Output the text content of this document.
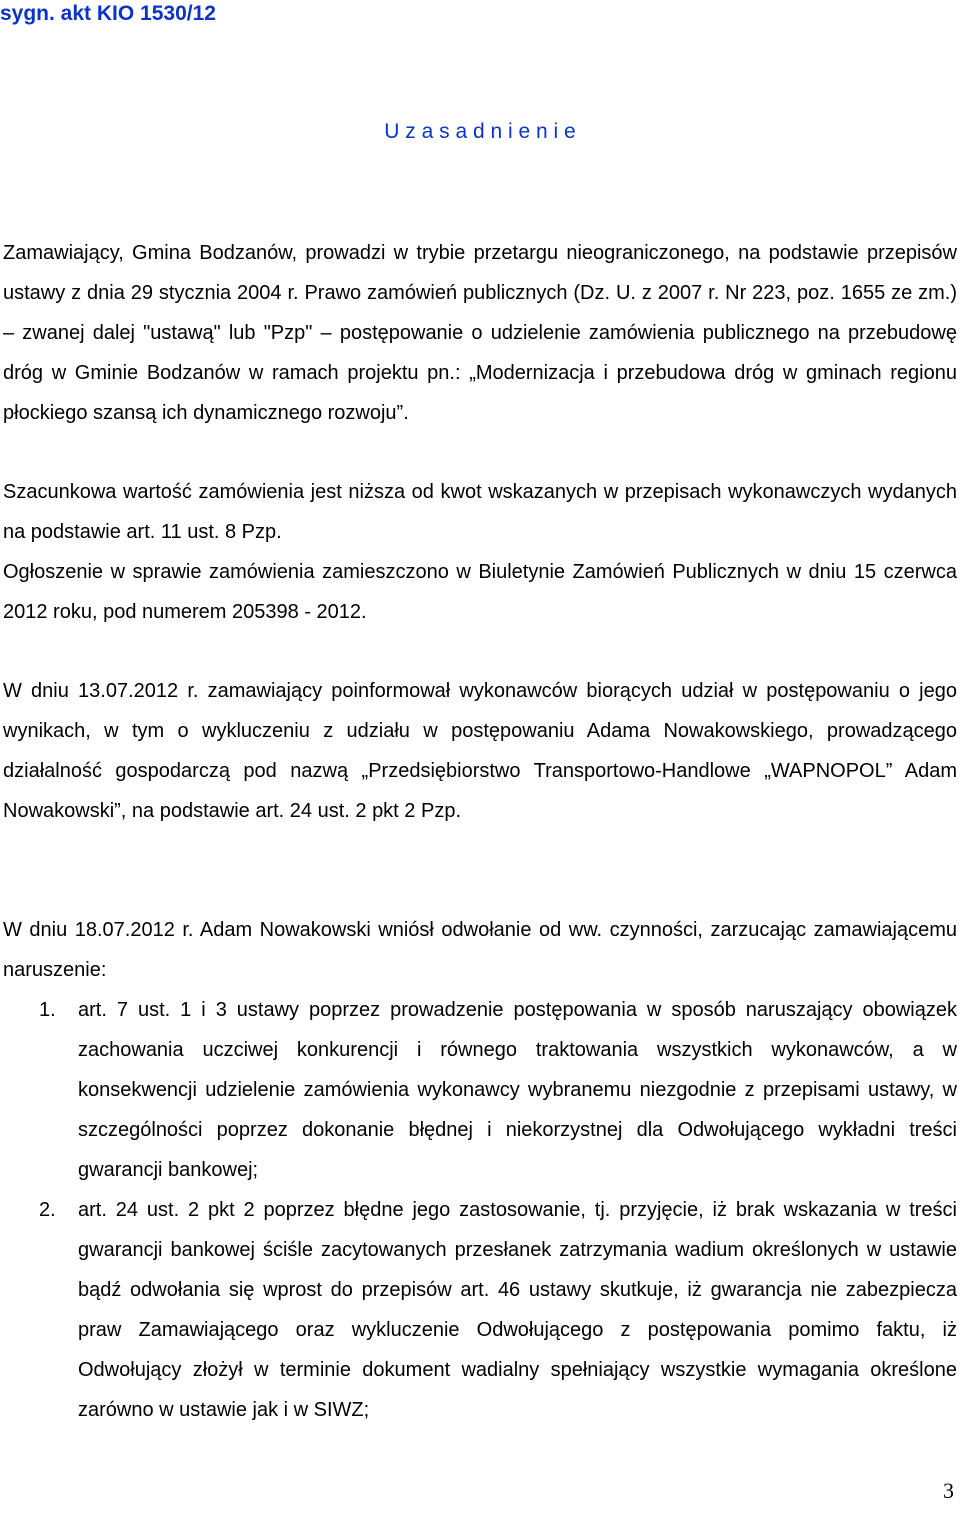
sygn. akt KIO 1530/12
U z a s a d n i e n i e

Zamawiający, Gmina Bodzanów, prowadzi w trybie przetargu nieograniczonego, na podstawie przepisów ustawy z dnia 29 stycznia 2004 r. Prawo zamówień publicznych (Dz. U. z 2007 r. Nr 223, poz. 1655 ze zm.) – zwanej dalej "ustawą" lub "Pzp" – postępowanie o udzielenie zamówienia publicznego na przebudowę dróg w Gminie Bodzanów w ramach projektu pn.: „Modernizacja i przebudowa dróg w gminach regionu płockiego szansą ich dynamicznego rozwoju”.

Szacunkowa wartość zamówienia jest niższa od kwot wskazanych w przepisach wykonawczych wydanych na podstawie art. 11 ust. 8 Pzp.

Ogłoszenie w sprawie zamówienia zamieszczono w Biuletynie Zamówień Publicznych w dniu 15 czerwca 2012 roku, pod numerem 205398 - 2012.

W dniu 13.07.2012 r. zamawiający poinformował wykonawców biorących udział w postępowaniu o jego wynikach, w tym o wykluczeniu z udziału w postępowaniu Adama Nowakowskiego, prowadzącego działalność gospodarczą pod nazwą „Przedsiębiorstwo Transportowo-Handlowe „WAPNOPOL” Adam Nowakowski”, na podstawie art. 24 ust. 2 pkt 2 Pzp.

W dniu 18.07.2012 r. Adam Nowakowski wniósł odwołanie od ww. czynności, zarzucając zamawiającemu naruszenie:

1. art. 7 ust. 1 i 3 ustawy poprzez prowadzenie postępowania w sposób naruszający obowiązek zachowania uczciwej konkurencji i równego traktowania wszystkich wykonawców, a w konsekwencji udzielenie zamówienia wykonawcy wybranemu niezgodnie z przepisami ustawy, w szczególności poprzez dokonanie błędnej i niekorzystnej dla Odwołującego wykładni treści gwarancji bankowej;
2. art. 24 ust. 2 pkt 2 poprzez błędne jego zastosowanie, tj. przyjęcie, iż brak wskazania w treści gwarancji bankowej ściśle zacytowanych przesłanek zatrzymania wadium określonych w ustawie bądź odwołania się wprost do przepisów art. 46 ustawy skutkuje, iż gwarancja nie zabezpiecza praw Zamawiającego oraz wykluczenie Odwołującego z postępowania pomimo faktu, iż Odwołujący złożył w terminie dokument wadialny spełniający wszystkie wymagania określone zarówno w ustawie jak i w SIWZ;
3
